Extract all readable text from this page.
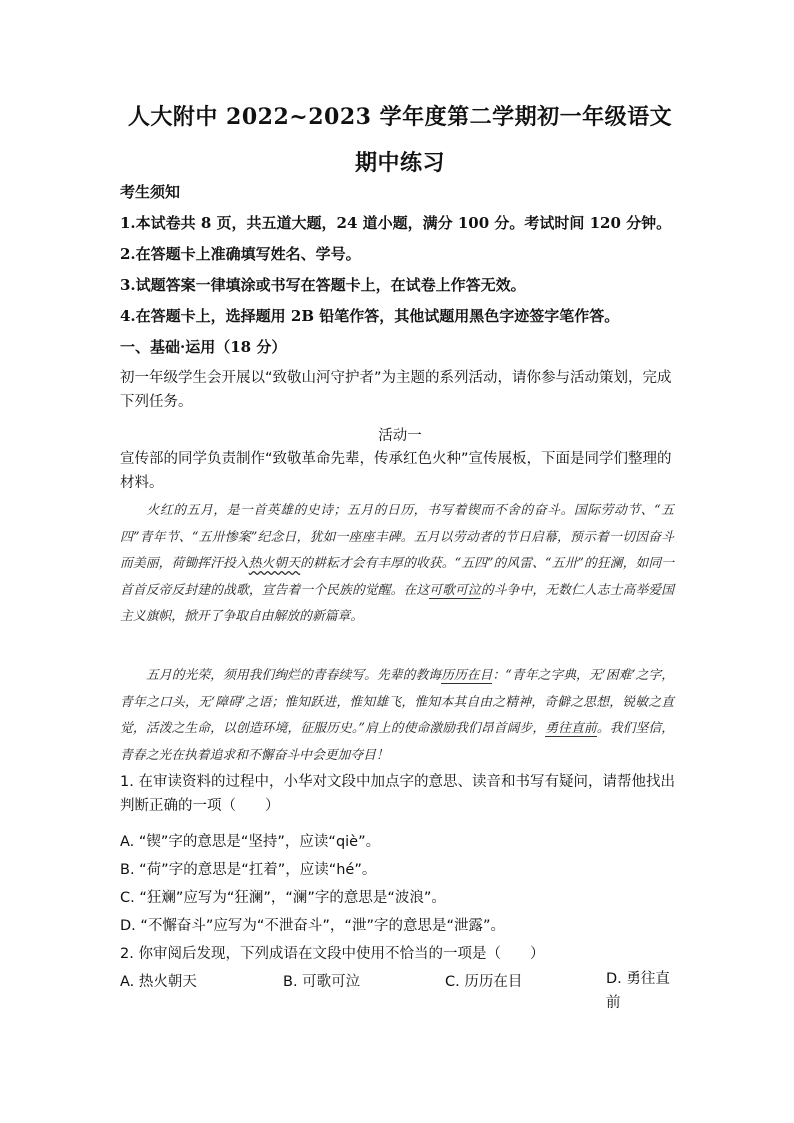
人大附中 2022~2023 学年度第二学期初一年级语文期中练习
考生须知
1.本试卷共 8 页，共五道大题，24 道小题，满分 100 分。考试时间 120 分钟。
2.在答题卡上准确填写姓名、学号。
3.试题答案一律填涂或书写在答题卡上，在试卷上作答无效。
4.在答题卡上，选择题用 2B 铅笔作答，其他试题用黑色字迹签字笔作答。
一、基础·运用（18 分）
初一年级学生会开展以“致敬山河守护者”为主题的系列活动，请你参与活动策划，完成下列任务。
活动一
宣传部的同学负责制作“致敬革命先辈，传承红色火种”宣传展板，下面是同学们整理的材料。
火红的五月，是一首英雄的史诗；五月的日历，书写着锲而不舍的奋斗。国际劳动节、“五四”青年节、“五卅惨案”纪念日，犹如一座座丰碑。五月以劳动者的节日启幕，预示着一切因奋斗而美丽，荷锄挥汗投入热火朝天的耕耘才会有丰厚的收获。“五四”的风雷、“五卅”的狂澜，如同一首首反帝反封建的战歌，宣告着一个民族的觉醒。在这可歌可泣的斗争中，无数仁人志士高举爱国主义旗帜，掀开了争取自由解放的新篇章。
五月的光荣，须用我们绚烂的青春续写。先辈的教诲历历在目：“青年之字典，无‘困难’之字，青年之口头，无‘障碍’之语；惟知跃进，惟知雄飞，惟知本其自由之精神，奇僻之思想，锐敏之直觉，活泼之生命，以创造环境，征服历史。”肩上的使命激励我们昂首阔步，勇往直前。我们坚信，青春之光在执着追求和不懈奋斗中会更加夺目！
1. 在审读资料的过程中，小华对文段中加点字的意思、读音和书写有疑问，请帮他找出判断正确的一项（　　）
A. “锲”字的意思是“坚持”，应读“qiè”。
B. “荷”字的意思是“扛着”，应读“hé”。
C. “狂斓”应写为“狂澜”，“澜”字的意思是“波浪”。
D. “不懈奋斗”应写为“不泄奋斗”，“泄”字的意思是“泄露”。
2. 你审阅后发现，下列成语在文段中使用不恰当的一项是（　　）
A. 热火朝天	B. 可歌可泣	C. 历历在目	D. 勇往直前
